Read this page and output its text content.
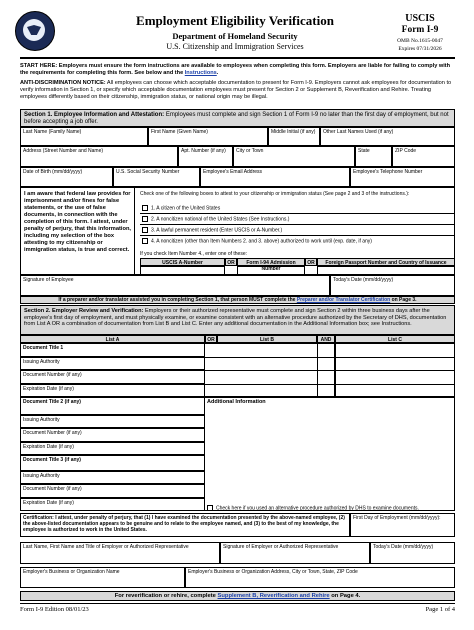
Employment Eligibility Verification
Department of Homeland Security
U.S. Citizenship and Immigration Services
USCIS
Form I-9
OMB No.1615-0047
Expires 07/31/2026
START HERE: Employers must ensure the form instructions are available to employees when completing this form. Employers are liable for failing to comply with the requirements for completing this form. See below and the Instructions.
ANTI-DISCRIMINATION NOTICE: All employees can choose which acceptable documentation to present for Form I-9. Employers cannot ask employees for documentation to verify information in Section 1, or specify which acceptable documentation employees must present for Section 2 or Supplement B, Reverification and Rehire. Treating employees differently based on their citizenship, immigration status, or national origin may be illegal.
Section 1. Employee Information and Attestation: Employees must complete and sign Section 1 of Form I-9 no later than the first day of employment, but not before accepting a job offer.
Last Name (Family Name)	First Name (Given Name)	Middle Initial (if any)	Other Last Names Used (if any)
Address (Street Number and Name)	Apt. Number (if any)	City or Town	State	ZIP Code
Date of Birth (mm/dd/yyyy)	U.S. Social Security Number	Employee's Email Address	Employee's Telephone Number
I am aware that federal law provides for imprisonment and/or fines for false statements, or the use of false documents, in connection with the completion of this form. I attest, under penalty of perjury, that this information, including my selection of the box attesting to my citizenship or immigration status, is true and correct.
Check one of the following boxes to attest to your citizenship or immigration status (See page 2 and 3 of the instructions.):
1. A citizen of the United States
2. A noncitizen national of the United States (See Instructions.)
3. A lawful permanent resident (Enter USCIS or A-Number.)
4. A noncitizen (other than Item Numbers 2. and 3. above) authorized to work until (exp. date, if any)
If you check Item Number 4., enter one of these:
USCIS A-Number	OR	Form I-94 Admission Number
OR	Foreign Passport Number and Country of Issuance
Signature of Employee	Today's Date (mm/dd/yyyy)
If a preparer and/or translator assisted you in completing Section 1, that person MUST complete the Preparer and/or Translator Certification on Page 3.
Section 2. Employer Review and Verification: Employers or their authorized representative must complete and sign Section 2 within three business days after the employee's first day of employment, and must physically examine, or examine consistent with an alternative procedure authorized by the Secretary of DHS, documentation from List A OR a combination of documentation from List B and List C. Enter any additional documentation in the Additional Information box; see Instructions.
List A	OR	List B	AND	List C
Document Title 1
Issuing Authority
Document Number (if any)
Expiration Date (if any)
Document Title 2 (if any)
Issuing Authority
Document Number (if any)
Expiration Date (if any)
Document Title 3 (if any)
Issuing Authority
Document Number (if any)
Expiration Date (if any)
Additional Information
Check here if you used an alternative procedure authorized by DHS to examine documents.
Certification: I attest, under penalty of perjury, that (1) I have examined the documentation presented by the above-named employee, (2) the above-listed documentation appears to be genuine and to relate to the employee named, and (3) to the best of my knowledge, the employee is authorized to work in the United States.
First Day of Employment (mm/dd/yyyy):
Last Name, First Name and Title of Employer or Authorized Representative	Signature of Employer or Authorized Representative	Today's Date (mm/dd/yyyy)
Employer's Business or Organization Name	Employer's Business or Organization Address, City or Town, State, ZIP Code
For reverification or rehire, complete Supplement B, Reverification and Rehire on Page 4.
Form I-9 Edition 08/01/23	Page 1 of 4
